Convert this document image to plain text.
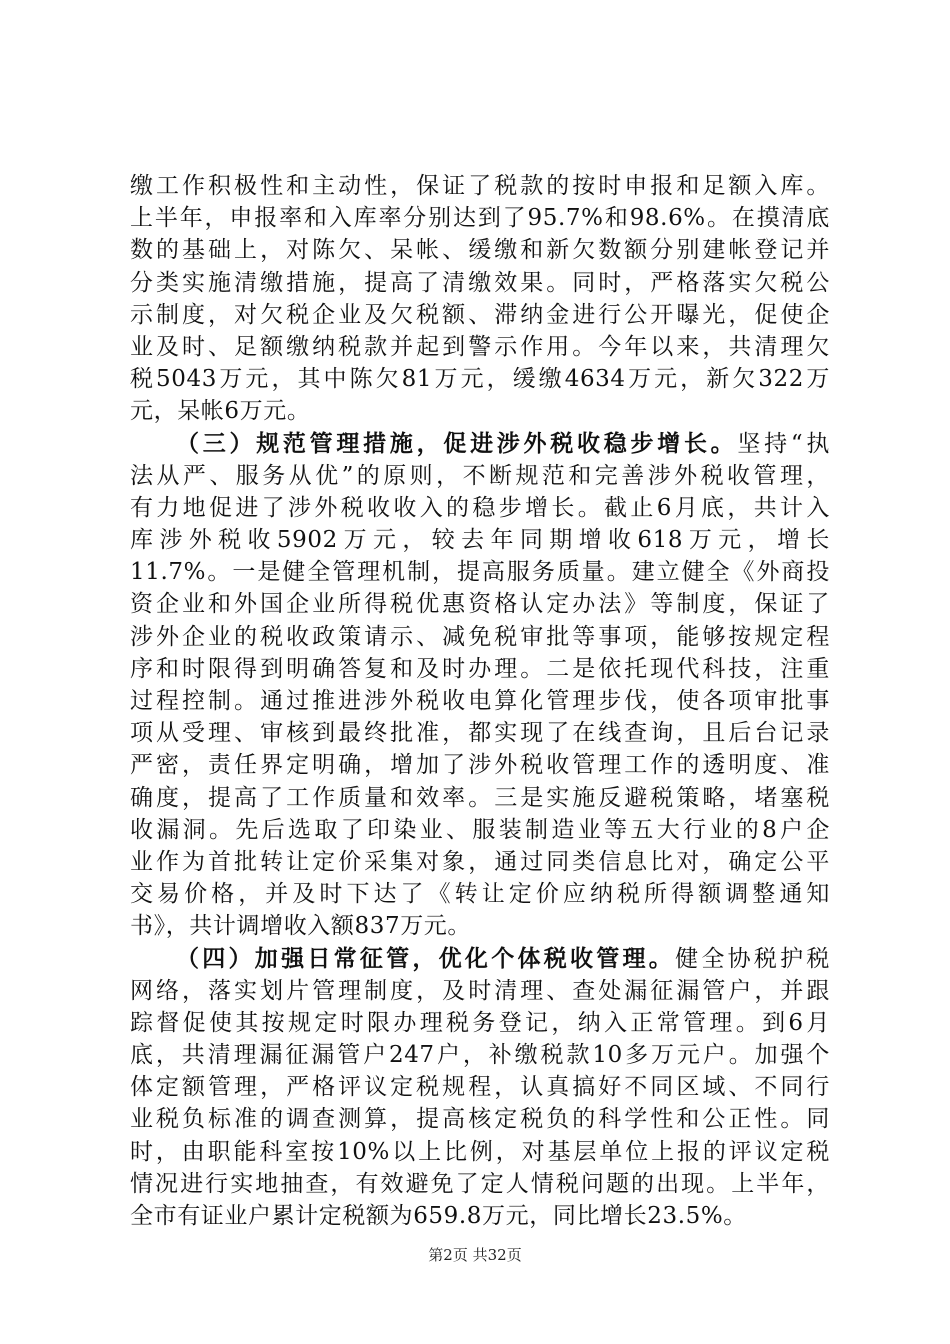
缴工作积极性和主动性，保证了税款的按时申报和足额入库。
上半年，申报率和入库率分别达到了95.7%和98.6%。在摸清底
数的基础上，对陈欠、呆帐、缓缴和新欠数额分别建帐登记并
分类实施清缴措施，提高了清缴效果。同时，严格落实欠税公
示制度，对欠税企业及欠税额、滞纳金进行公开曝光，促使企
业及时、足额缴纳税款并起到警示作用。今年以来，共清理欠
税5043万元，其中陈欠81万元，缓缴4634万元，新欠322万
元，呆帐6万元。
（三）规范管理措施，促进涉外税收稳步增长。坚持“执
法从严、服务从优”的原则，不断规范和完善涉外税收管理，
有力地促进了涉外税收收入的稳步增长。截止6月底，共计入
库涉外税收5902万元，较去年同期增收618万元，增长
11.7%。一是健全管理机制，提高服务质量。建立健全《外商投
资企业和外国企业所得税优惠资格认定办法》等制度，保证了
涉外企业的税收政策请示、减免税审批等事项，能够按规定程
序和时限得到明确答复和及时办理。二是依托现代科技，注重
过程控制。通过推进涉外税收电算化管理步伐，使各项审批事
项从受理、审核到最终批准，都实现了在线查询，且后台记录
严密，责任界定明确，增加了涉外税收管理工作的透明度、准
确度，提高了工作质量和效率。三是实施反避税策略，堵塞税
收漏洞。先后选取了印染业、服装制造业等五大行业的8户企
业作为首批转让定价采集对象，通过同类信息比对，确定公平
交易价格，并及时下达了《转让定价应纳税所得额调整通知
书》，共计调增收入额837万元。
（四）加强日常征管，优化个体税收管理。健全协税护税
网络，落实划片管理制度，及时清理、查处漏征漏管户，并跟
踪督促使其按规定时限办理税务登记，纳入正常管理。到6月
底，共清理漏征漏管户247户，补缴税款10多万元户。加强个
体定额管理，严格评议定税规程，认真搞好不同区域、不同行
业税负标准的调查测算，提高核定税负的科学性和公正性。同
时，由职能科室按10%以上比例，对基层单位上报的评议定税
情况进行实地抽查，有效避免了定人情税问题的出现。上半年，
全市有证业户累计定税额为659.8万元，同比增长23.5%。
第2页 共32页
